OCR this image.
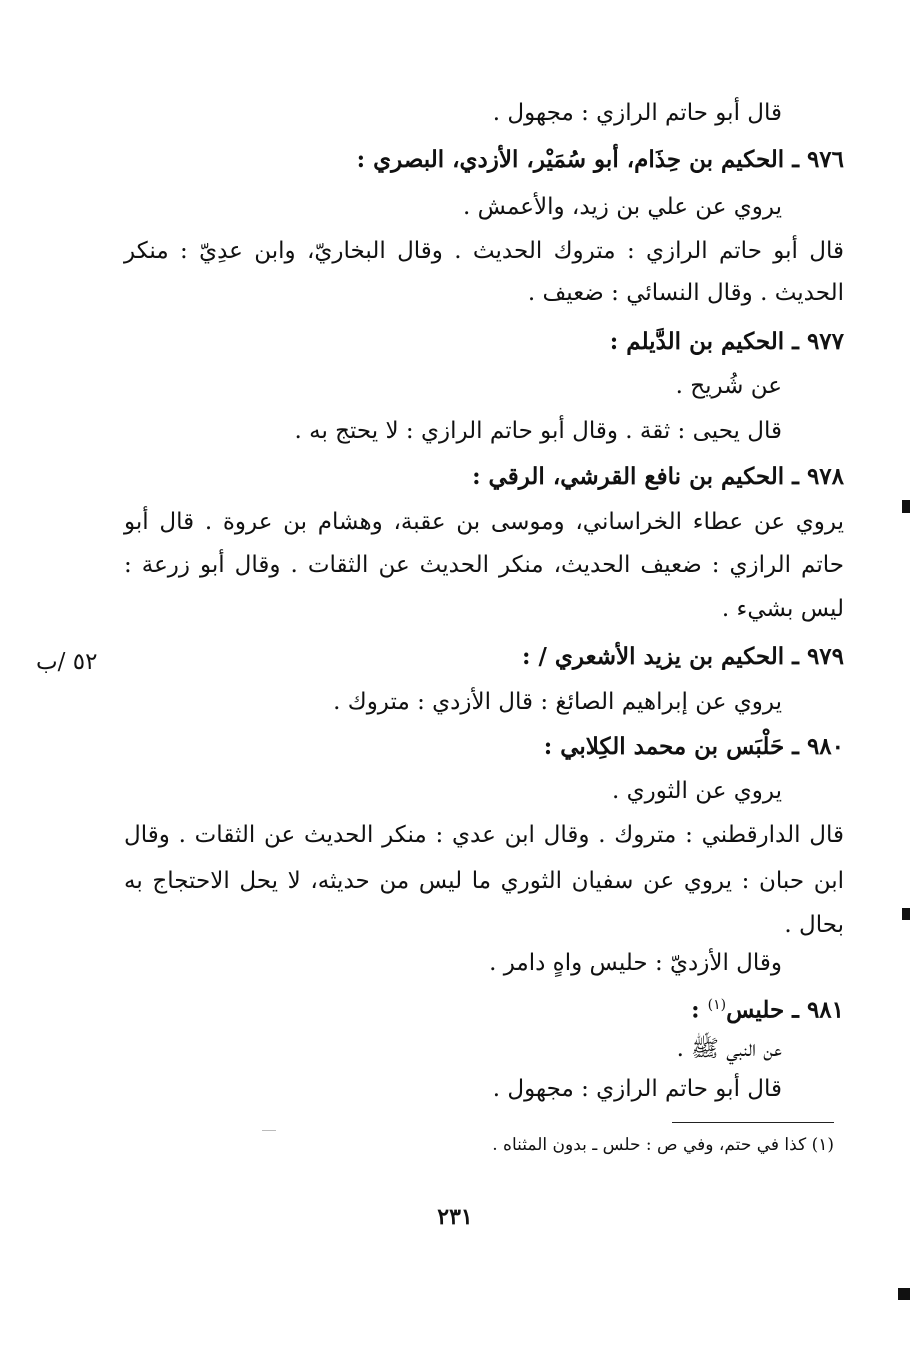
قال أبو حاتم الرازي : مجهول .
٩٧٦ ـ الحكيم بن حِذَام، أبو سُمَيْر، الأزدي، البصري :
يروي عن علي بن زيد، والأعمش .
قال أبو حاتم الرازي : متروك الحديث . وقال البخاريّ، وابن عدِيّ : منكر
الحديث . وقال النسائي : ضعيف .
٩٧٧ ـ الحكيم بن الدَّيلم :
عن شُريح .
قال يحيى : ثقة . وقال أبو حاتم الرازي : لا يحتج به .
٩٧٨ ـ الحكيم بن نافع القرشي، الرقي :
يروي عن عطاء الخراساني، وموسى بن عقبة، وهشام بن عروة . قال أبو
حاتم الرازي : ضعيف الحديث، منكر الحديث عن الثقات . وقال أبو زرعة :
ليس بشيء .
٩٧٩ ـ الحكيم بن يزيد الأشعري / :
٥٢ /ب
يروي عن إبراهيم الصائغ : قال الأزدي : متروك .
٩٨٠ ـ حَلْبَس بن محمد الكِلابي :
يروي عن الثوري .
قال الدارقطني : متروك . وقال ابن عدي : منكر الحديث عن الثقات . وقال
ابن حبان : يروي عن سفيان الثوري ما ليس من حديثه، لا يحل الاحتجاج به
بحال .
وقال الأزديّ : حليس واهٍ دامر .
٩٨١ ـ حليس$^{(١)}$ :
عن النبي ﷺ .
قال أبو حاتم الرازي : مجهول .
(١) كذا في حتم، وفي ص : حلس ـ بدون المثناه .
٢٣١
